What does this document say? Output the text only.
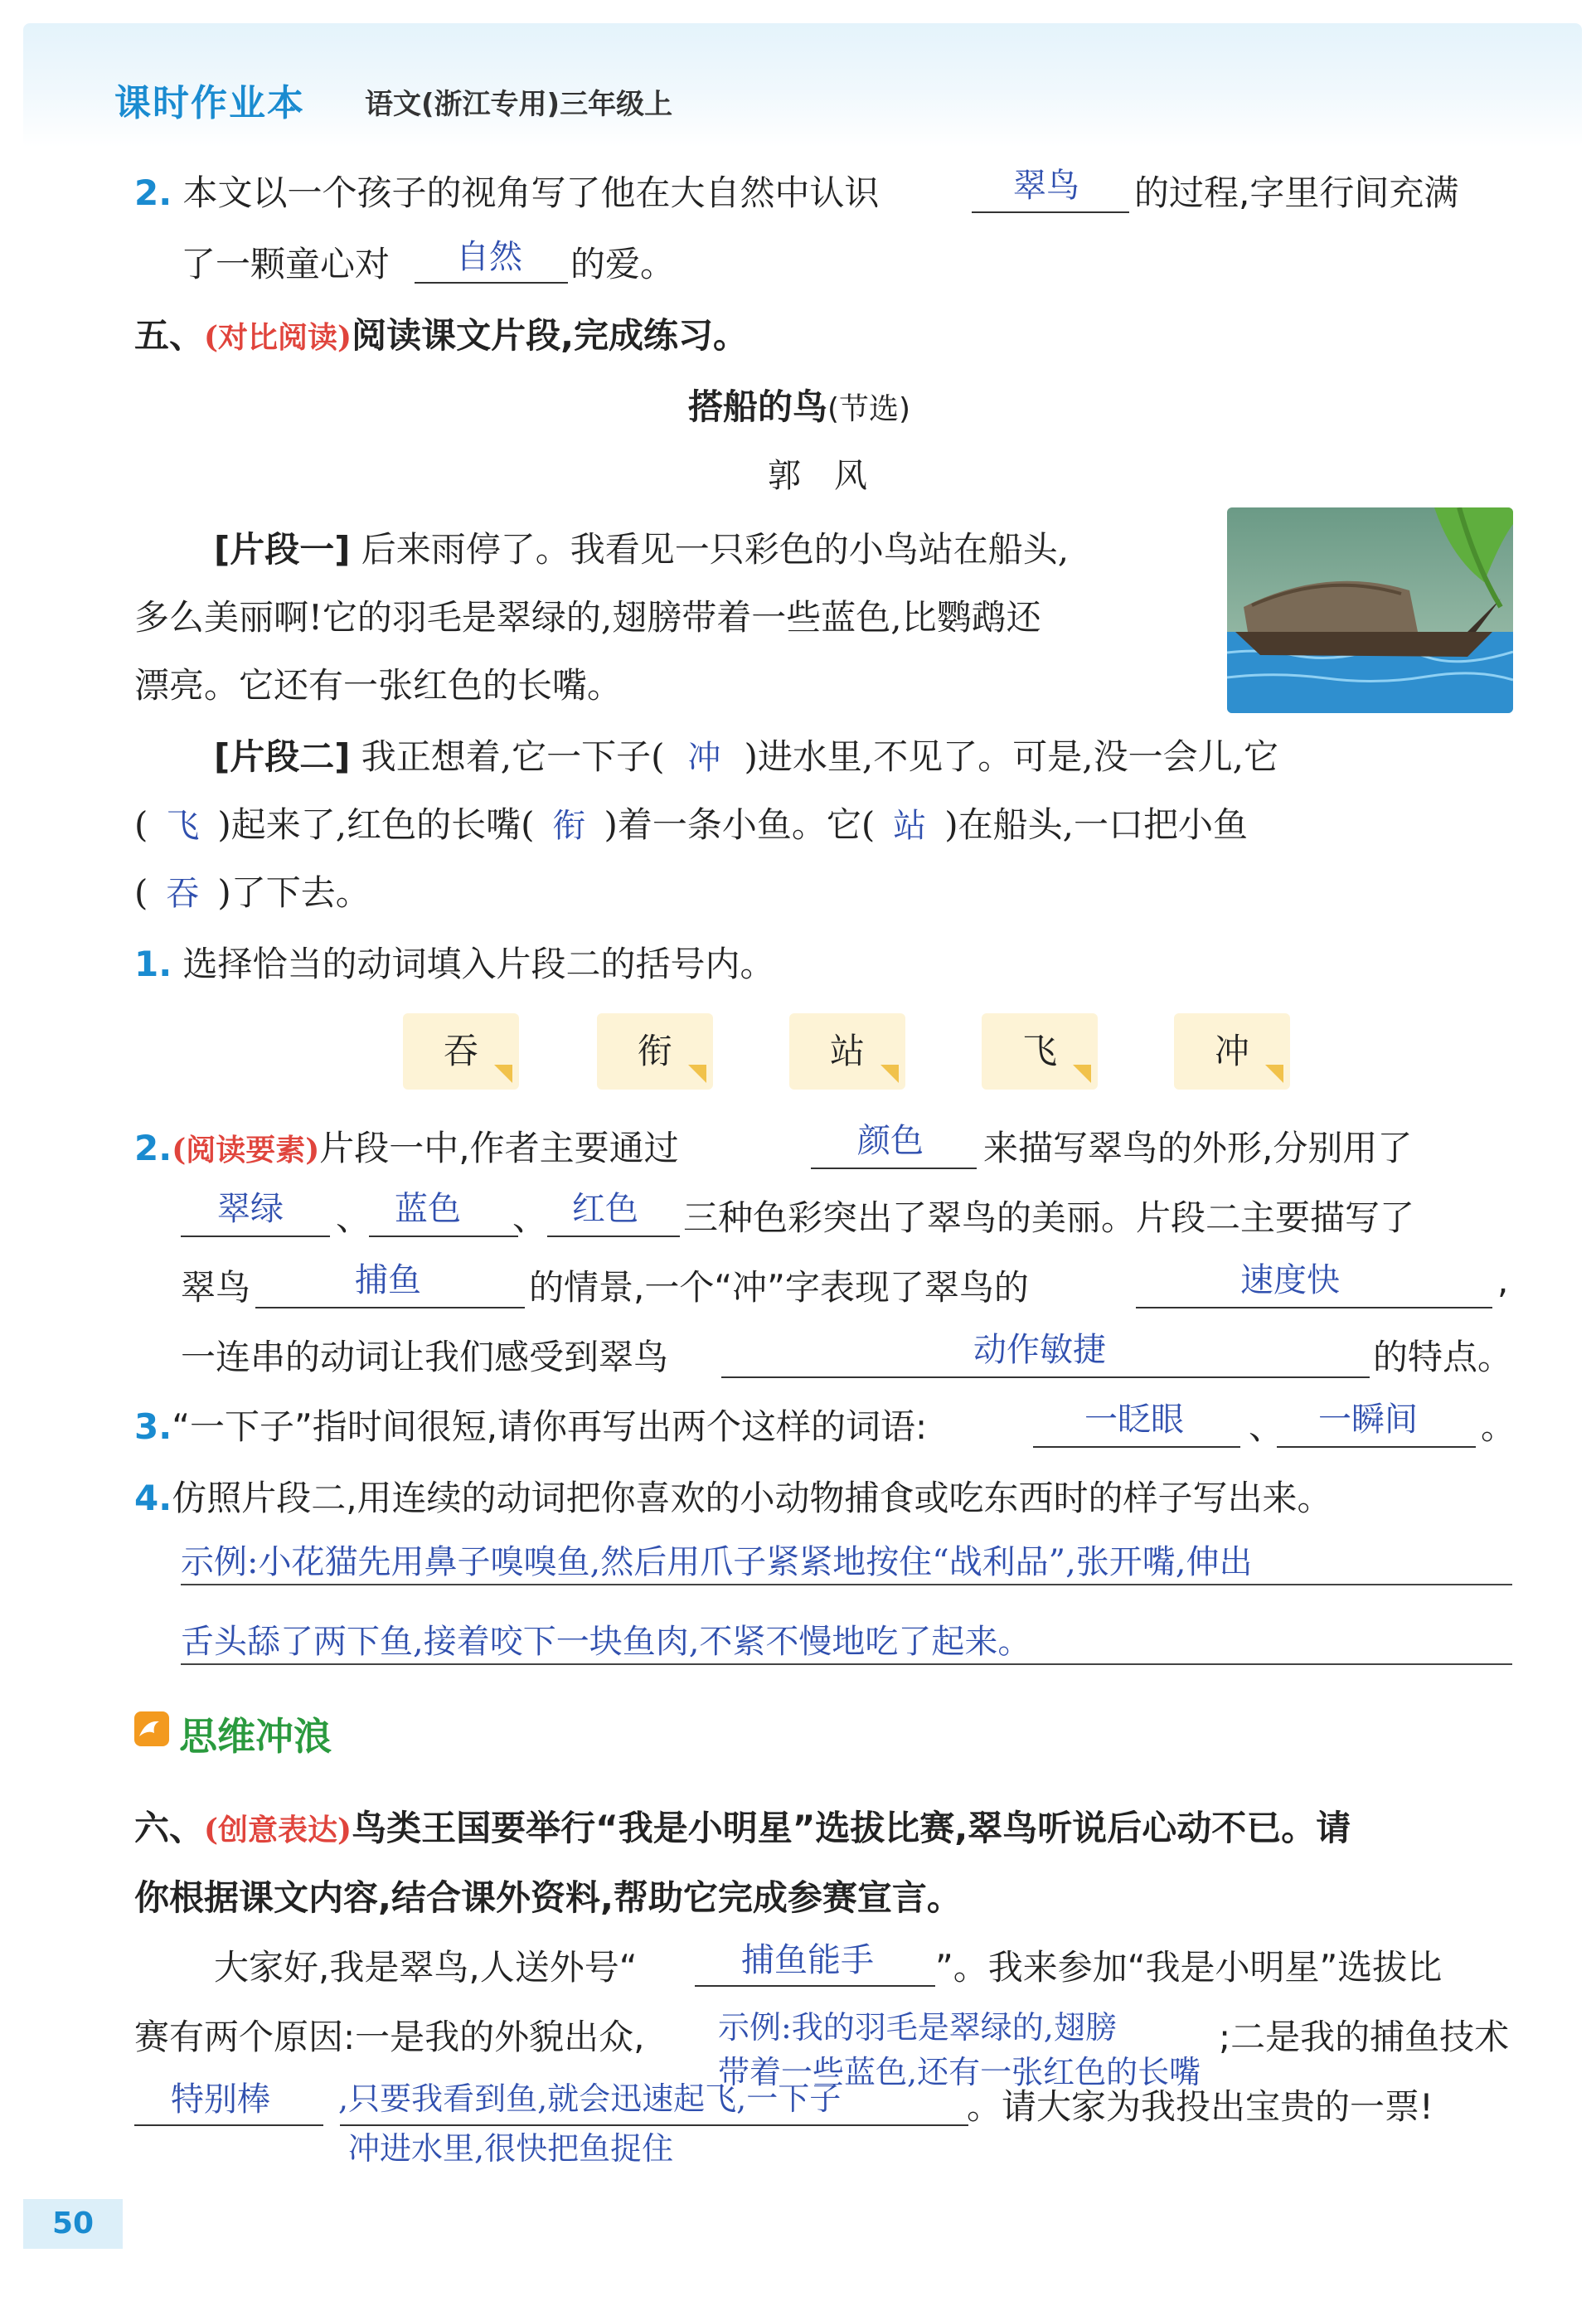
课时作业本 语文(浙江专用)三年级上
2. 本文以一个孩子的视角写了他在大自然中认识	翠鸟 的过程,字里行间充满
了一颗童心对 自然 的爱。
五、(对比阅读)阅读课文片段,完成练习。
搭船的鸟(节选)
郭　风
[片段一] 后来雨停了。我看见一只彩色的小鸟站在船头,
多么美丽啊!它的羽毛是翠绿的,翅膀带着一些蓝色,比鹦鹉还
漂亮。它还有一张红色的长嘴。
[片段二] 我正想着,它一下子( 冲 )进水里,不见了。可是,没一会儿,它
( 飞 )起来了,红色的长嘴( 衔 )着一条小鱼。它( 站 )在船头,一口把小鱼
( 吞 )了下去。
1. 选择恰当的动词填入片段二的括号内。
吞	衔	站	飞	冲
2.(阅读要素)片段一中,作者主要通过	颜色 来描写翠鸟的外形,分别用了
翠绿 、 蓝色 、 红色 三种色彩突出了翠鸟的美丽。片段二主要描写了
翠鸟	捕鱼	的情景,一个“冲”字表现了翠鸟的	速度快	,
一连串的动词让我们感受到翠鸟	动作敏捷	的特点。
3.“一下子”指时间很短,请你再写出两个这样的词语:	一眨眼 、 一瞬间 。
4.仿照片段二,用连续的动词把你喜欢的小动物捕食或吃东西时的样子写出来。
示例:小花猫先用鼻子嗅嗅鱼,然后用爪子紧紧地按住“战利品”,张开嘴,伸出
舌头舔了两下鱼,接着咬下一块鱼肉,不紧不慢地吃了起来。
思维冲浪
六、(创意表达)鸟类王国要举行“我是小明星”选拔比赛,翠鸟听说后心动不已。请
你根据课文内容,结合课外资料,帮助它完成参赛宣言。
大家好,我是翠鸟,人送外号“	捕鱼能手 ”。我来参加“我是小明星”选拔比
赛有两个原因:一是我的外貌出众, 示例:我的羽毛是翠绿的,翅膀
带着一些蓝色,还有一张红色的长嘴
;二是我的捕鱼技术
特别棒 ,只要我看到鱼,就会迅速起飞,一下子	。请大家为我投出宝贵的一票!
冲进水里,很快把鱼捉住
50
